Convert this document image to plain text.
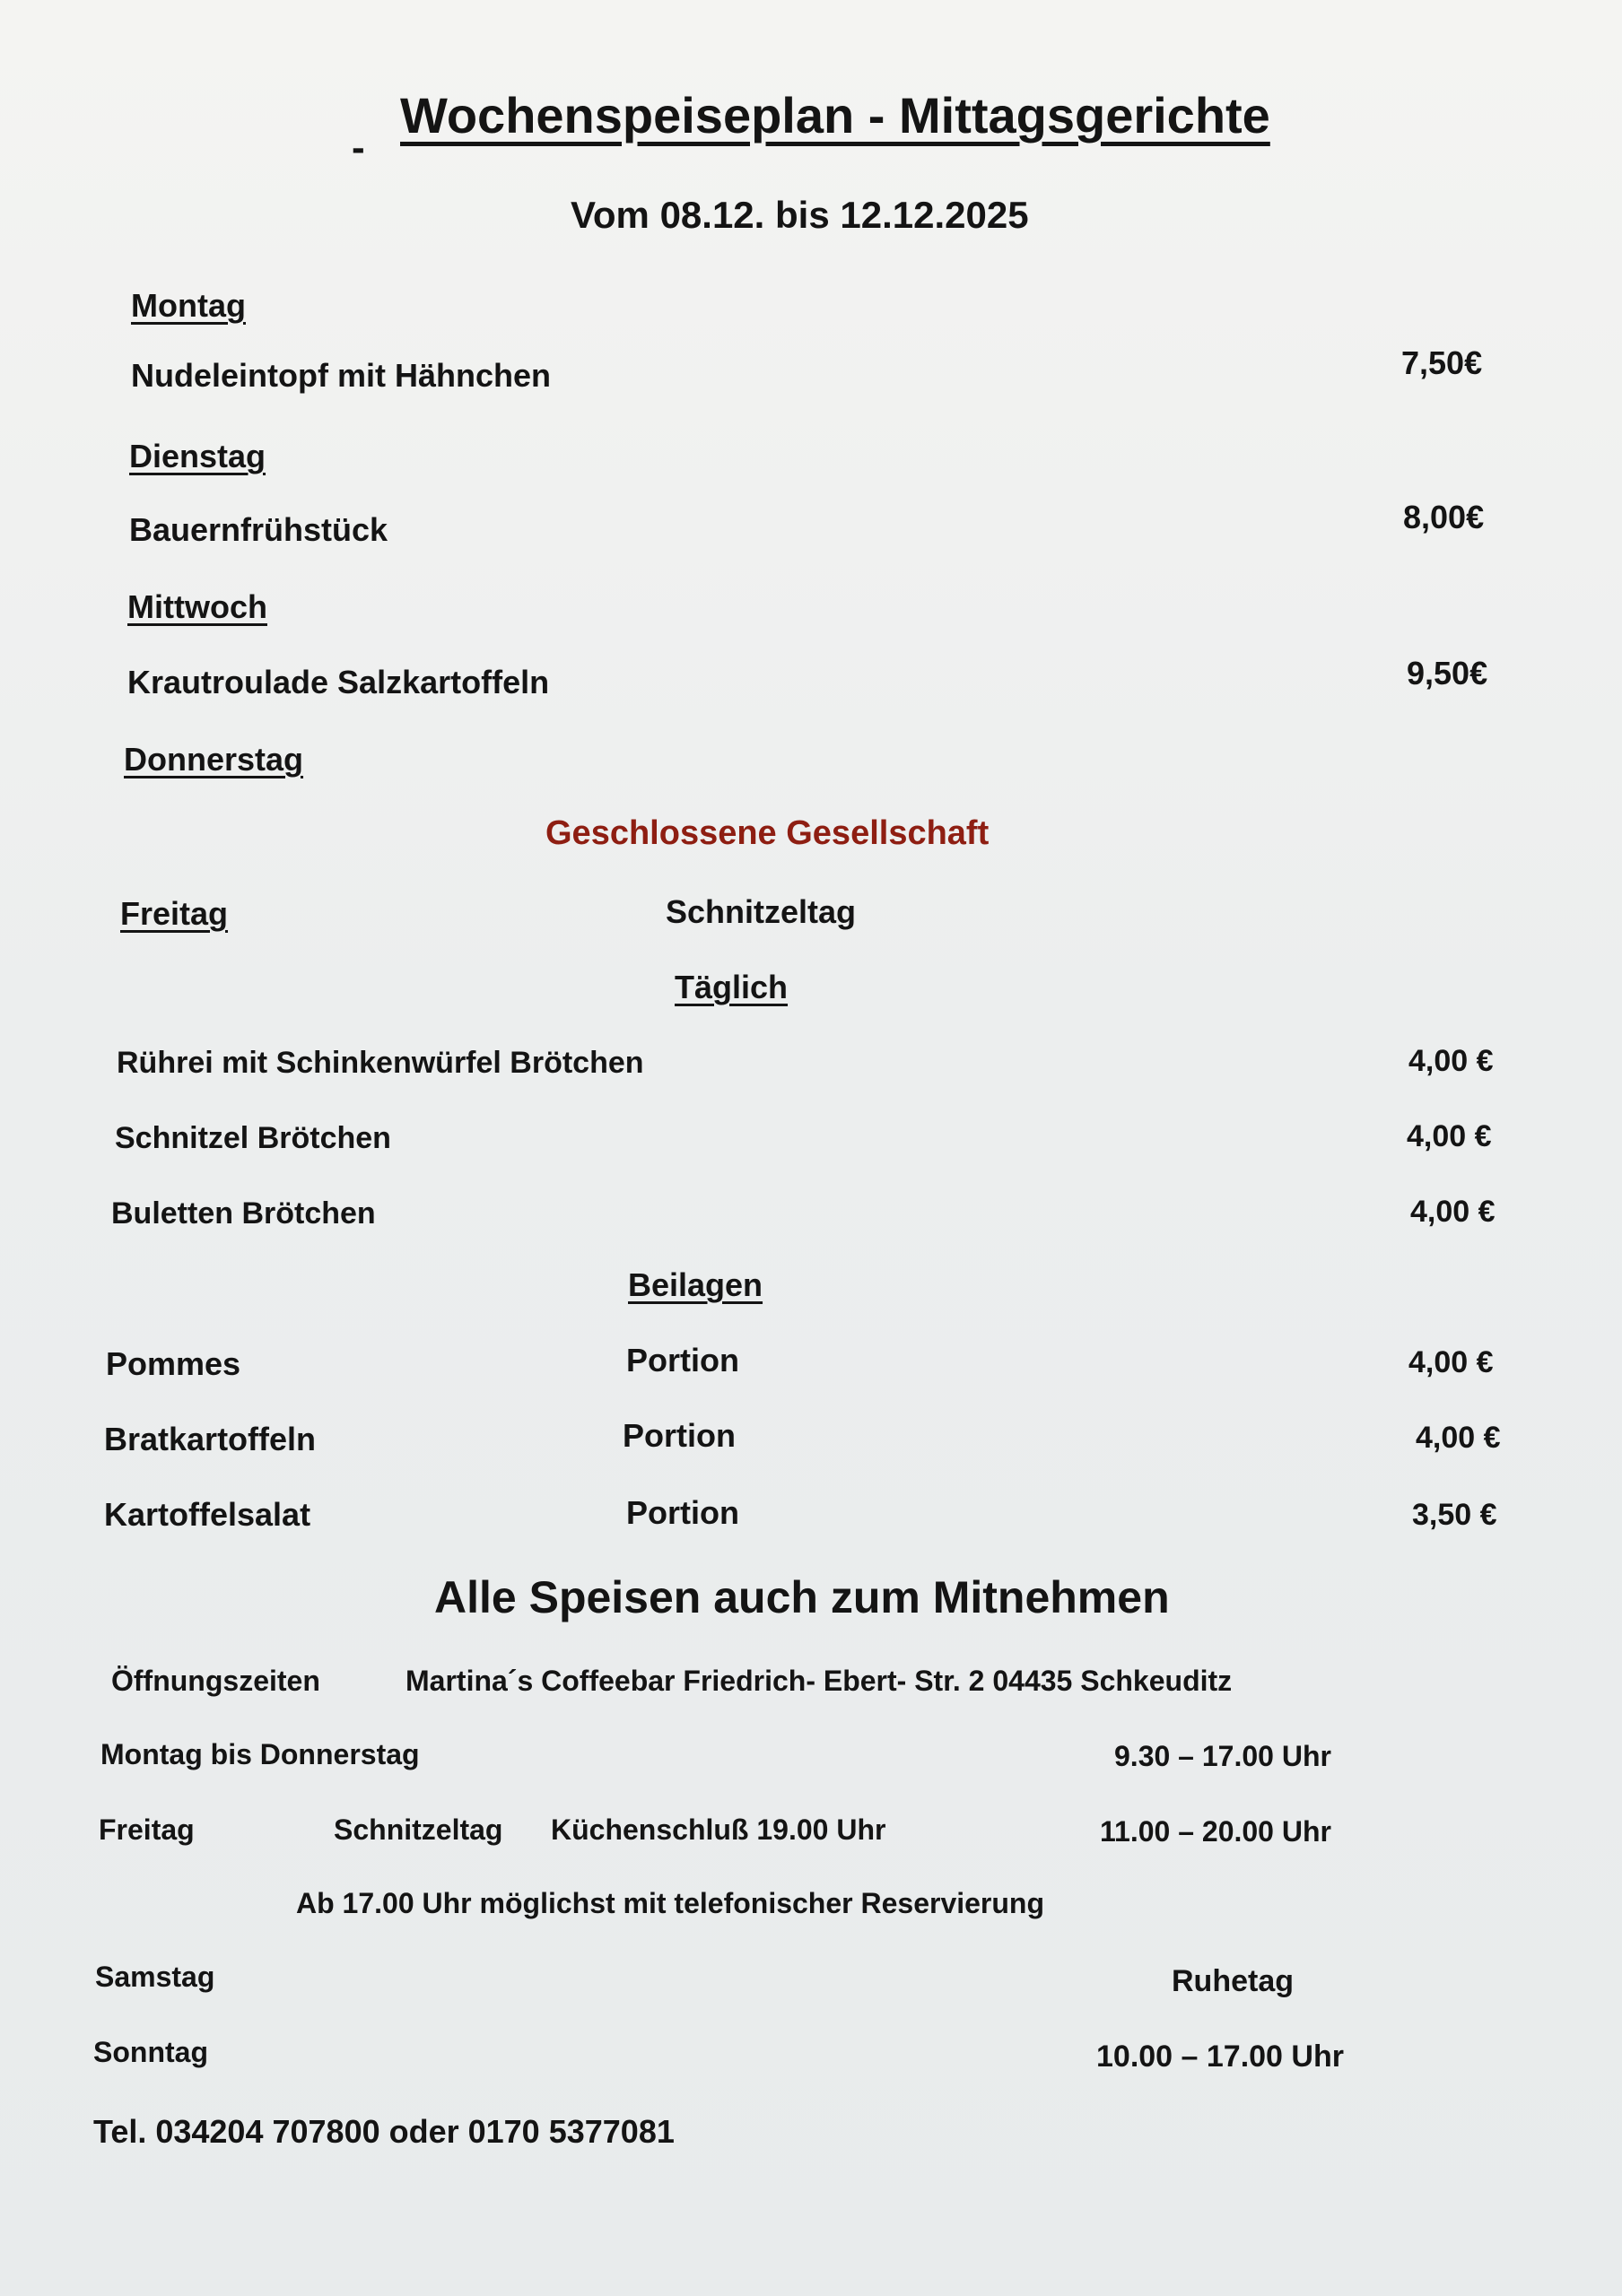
-
Wochenspeiseplan - Mittagsgerichte
Vom 08.12. bis 12.12.2025
Montag
Nudeleintopf mit Hähnchen	7,50€
Dienstag
Bauernfrühstück	8,00€
Mittwoch
Krautroulade Salzkartoffeln	9,50€
Donnerstag
Geschlossene Gesellschaft
Freitag	Schnitzeltag
Täglich
Rührei mit Schinkenwürfel Brötchen	4,00 €
Schnitzel Brötchen	4,00 €
Buletten Brötchen	4,00 €
Beilagen
Pommes	Portion	4,00 €
Bratkartoffeln	Portion	4,00 €
Kartoffelsalat	Portion	3,50 €
Alle Speisen auch zum Mitnehmen
Öffnungszeiten	Martina´s Coffeebar Friedrich- Ebert- Str. 2 04435 Schkeuditz
Montag bis Donnerstag	9.30 – 17.00 Uhr
Freitag	Schnitzeltag Küchenschluß 19.00 Uhr	11.00 – 20.00 Uhr
Ab 17.00 Uhr möglichst mit telefonischer Reservierung
Samstag	Ruhetag
Sonntag	10.00 – 17.00 Uhr
Tel. 034204 707800 oder 0170 5377081
